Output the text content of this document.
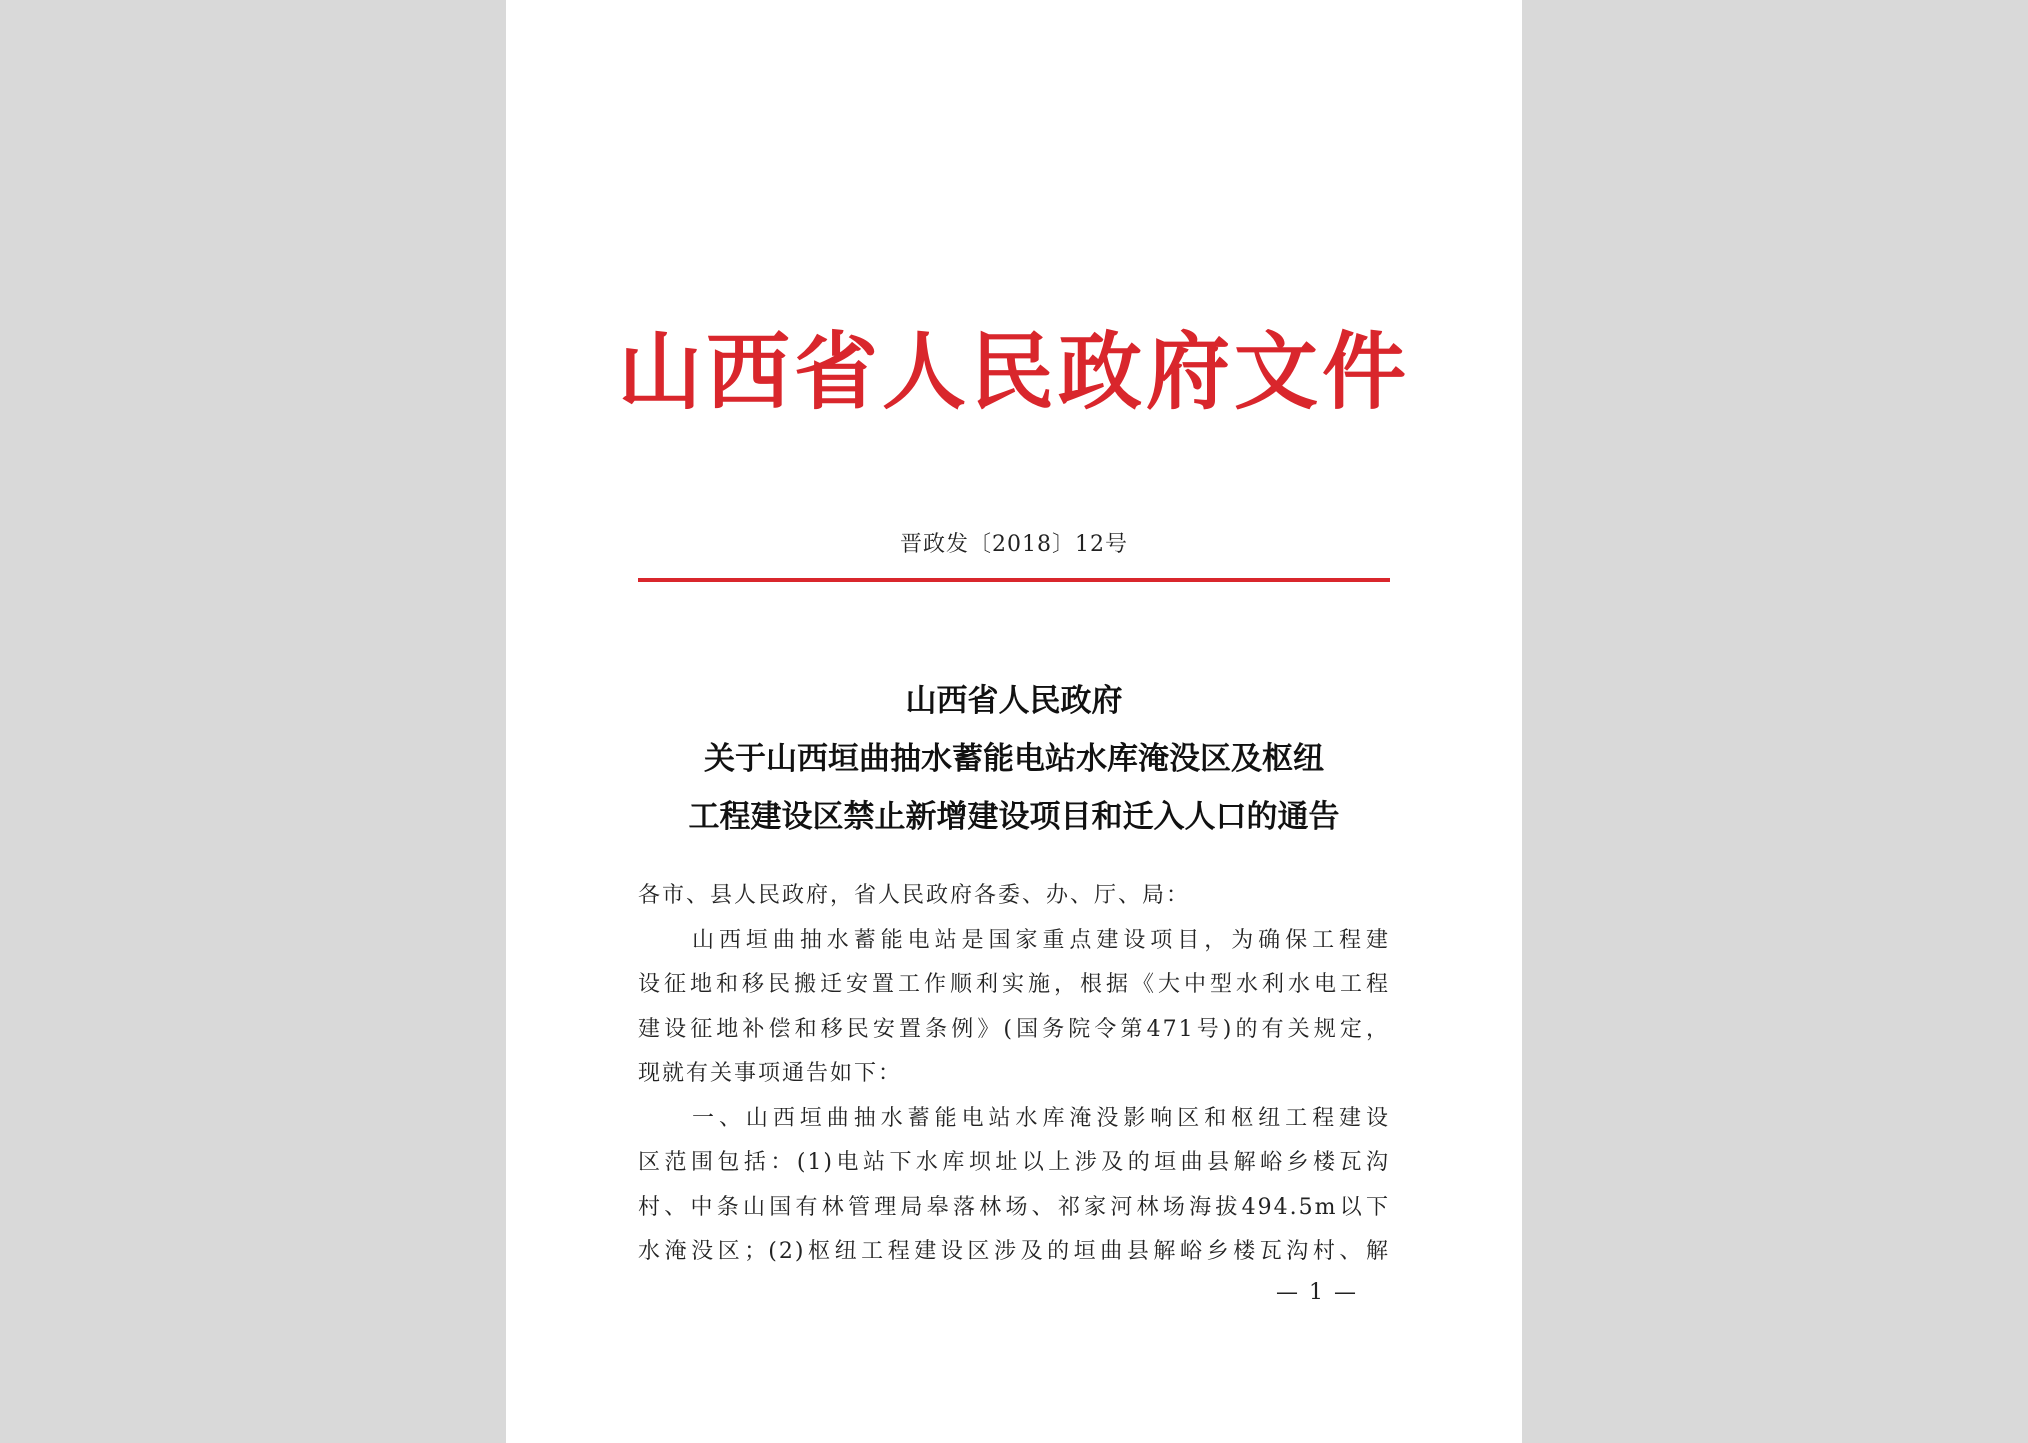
山西省人民政府文件
晋政发〔2018〕12号
山西省人民政府
关于山西垣曲抽水蓄能电站水库淹没区及枢纽
工程建设区禁止新增建设项目和迁入人口的通告
各市、县人民政府，省人民政府各委、办、厅、局：
山西垣曲抽水蓄能电站是国家重点建设项目，为确保工程建
设征地和移民搬迁安置工作顺利实施，根据《大中型水利水电工程
建设征地补偿和移民安置条例》(国务院令第471号)的有关规定，
现就有关事项通告如下：
一、山西垣曲抽水蓄能电站水库淹没影响区和枢纽工程建设
区范围包括：(1)电站下水库坝址以上涉及的垣曲县解峪乡楼瓦沟
村、中条山国有林管理局皋落林场、祁家河林场海拔494.5m以下
水淹没区；(2)枢纽工程建设区涉及的垣曲县解峪乡楼瓦沟村、解
— 1 —
